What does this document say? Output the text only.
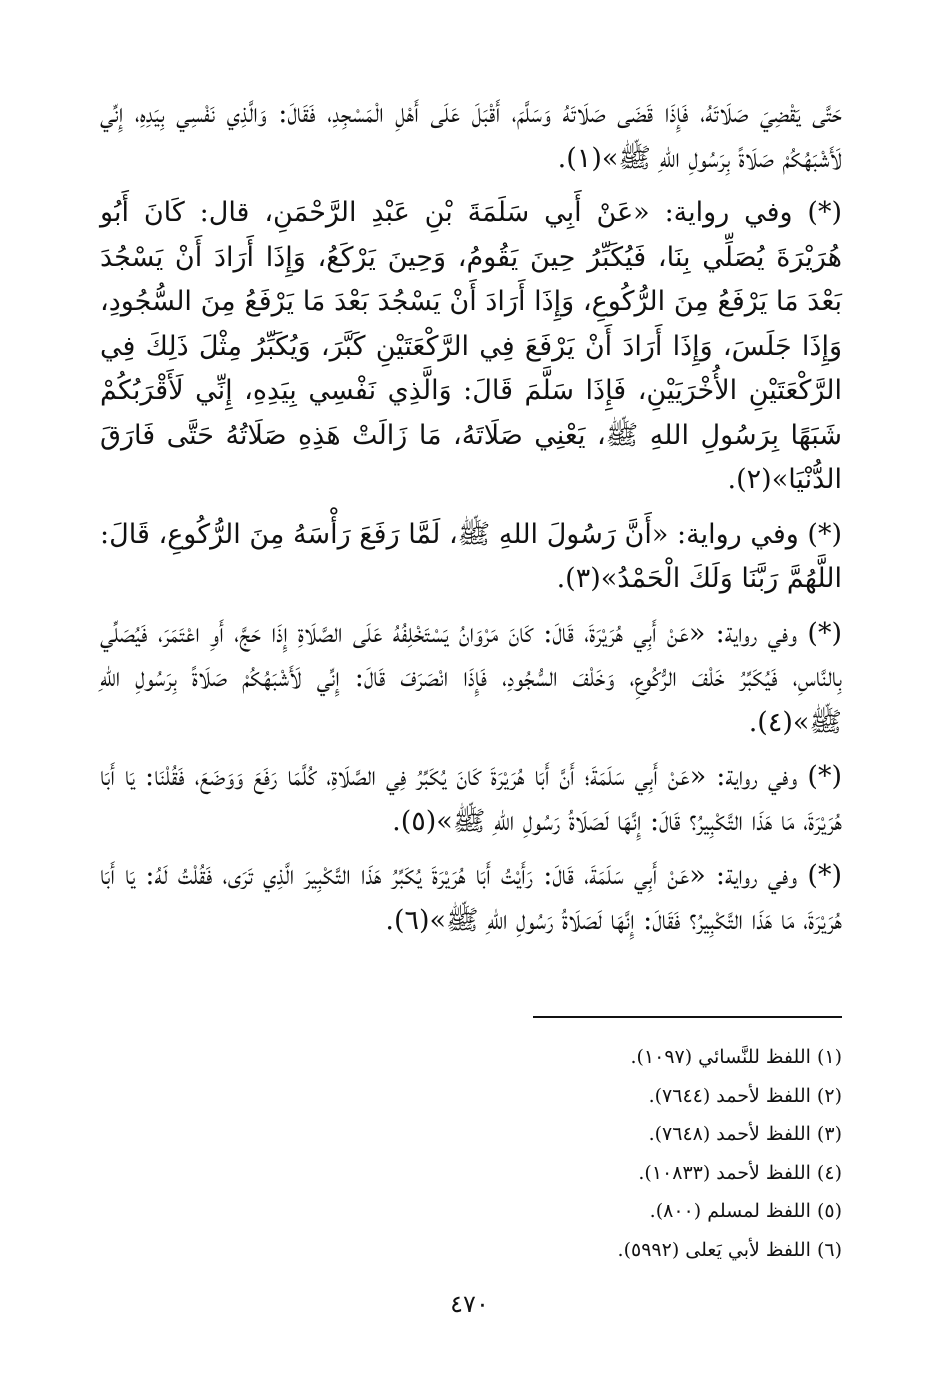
حَتَّى يَقْضِيَ صَلَاتَهُ، فَإِذَا قَضَى صَلَاتَهُ وَسَلَّمَ، أَقْبَلَ عَلَى أَهْلِ الْمَسْجِدِ، فَقَالَ: وَالَّذِي نَفْسِي بِيَدِهِ، إِنِّي لَأَشْبَهُكُمْ صَلَاةً بِرَسُولِ اللهِ ﷺ»(١).

(*) وفي رواية: «عَنْ أَبِي سَلَمَةَ بْنِ عَبْدِ الرَّحْمَنِ، قال: كَانَ أَبُو هُرَيْرَةَ يُصَلِّي بِنَا، فَيُكَبِّرُ حِينَ يَقُومُ، وَحِينَ يَرْكَعُ، وَإِذَا أَرَادَ أَنْ يَسْجُدَ بَعْدَ مَا يَرْفَعُ مِنَ الرُّكُوعِ، وَإِذَا أَرَادَ أَنْ يَسْجُدَ بَعْدَ مَا يَرْفَعُ مِنَ السُّجُودِ، وَإِذَا جَلَسَ، وَإِذَا أَرَادَ أَنْ يَرْفَعَ فِي الرَّكْعَتَيْنِ كَبَّرَ، وَيُكَبِّرُ مِثْلَ ذَلِكَ فِي الرَّكْعَتَيْنِ الأُخْرَيَيْنِ، فَإِذَا سَلَّمَ قَالَ: وَالَّذِي نَفْسِي بِيَدِهِ، إِنِّي لَأَقْرَبُكُمْ شَبَهًا بِرَسُولِ اللهِ ﷺ، يَعْنِي صَلَاتَهُ، مَا زَالَتْ هَذِهِ صَلَاتُهُ حَتَّى فَارَقَ الدُّنْيَا»(٢).

(*) وفي رواية: «أَنَّ رَسُولَ اللهِ ﷺ، لَمَّا رَفَعَ رَأْسَهُ مِنَ الرُّكُوعِ، قَالَ: اللَّهُمَّ رَبَّنَا وَلَكَ الْحَمْدُ»(٣).

(*) وفي رواية: «عَنْ أَبِي هُرَيْرَةَ، قَالَ: كَانَ مَرْوَانُ يَسْتَخْلِفُهُ عَلَى الصَّلَاةِ إِذَا حَجَّ، أَوِ اعْتَمَرَ، فَيُصَلِّي بِالنَّاسِ، فَيُكَبِّرُ خَلْفَ الرُّكُوعِ، وَخَلْفَ السُّجُودِ، فَإِذَا انْصَرَفَ قَالَ: إِنِّي لَأَشْبَهُكُمْ صَلَاةً بِرَسُولِ اللهِ ﷺ»(٤).

(*) وفي رواية: «عَنْ أَبِي سَلَمَةَ؛ أَنَّ أَبَا هُرَيْرَةَ كَانَ يُكَبِّرُ فِي الصَّلَاةِ، كُلَّمَا رَفَعَ وَوَضَعَ، فَقُلْنَا: يَا أَبَا هُرَيْرَةَ، مَا هَذَا التَّكْبِيرُ؟ قَالَ: إِنَّهَا لَصَلَاةُ رَسُولِ اللهِ ﷺ»(٥).

(*) وفي رواية: «عَنْ أَبِي سَلَمَةَ، قَالَ: رَأَيْتُ أَبَا هُرَيْرَةَ يُكَبِّرُ هَذَا التَّكْبِيرَ الَّذِي تَرَى، فَقُلْتُ لَهُ: يَا أَبَا هُرَيْرَةَ، مَا هَذَا التَّكْبِيرُ؟ فَقَالَ: إِنَّهَا لَصَلَاةُ رَسُولِ اللهِ ﷺ»(٦).

(١) اللفظ للنَّسائي (١٠٩٧).
(٢) اللفظ لأحمد (٧٦٤٤).
(٣) اللفظ لأحمد (٧٦٤٨).
(٤) اللفظ لأحمد (١٠٨٣٣).
(٥) اللفظ لمسلم (٨٠٠).
(٦) اللفظ لأبي يَعلى (٥٩٩٢).
٤٧٠
